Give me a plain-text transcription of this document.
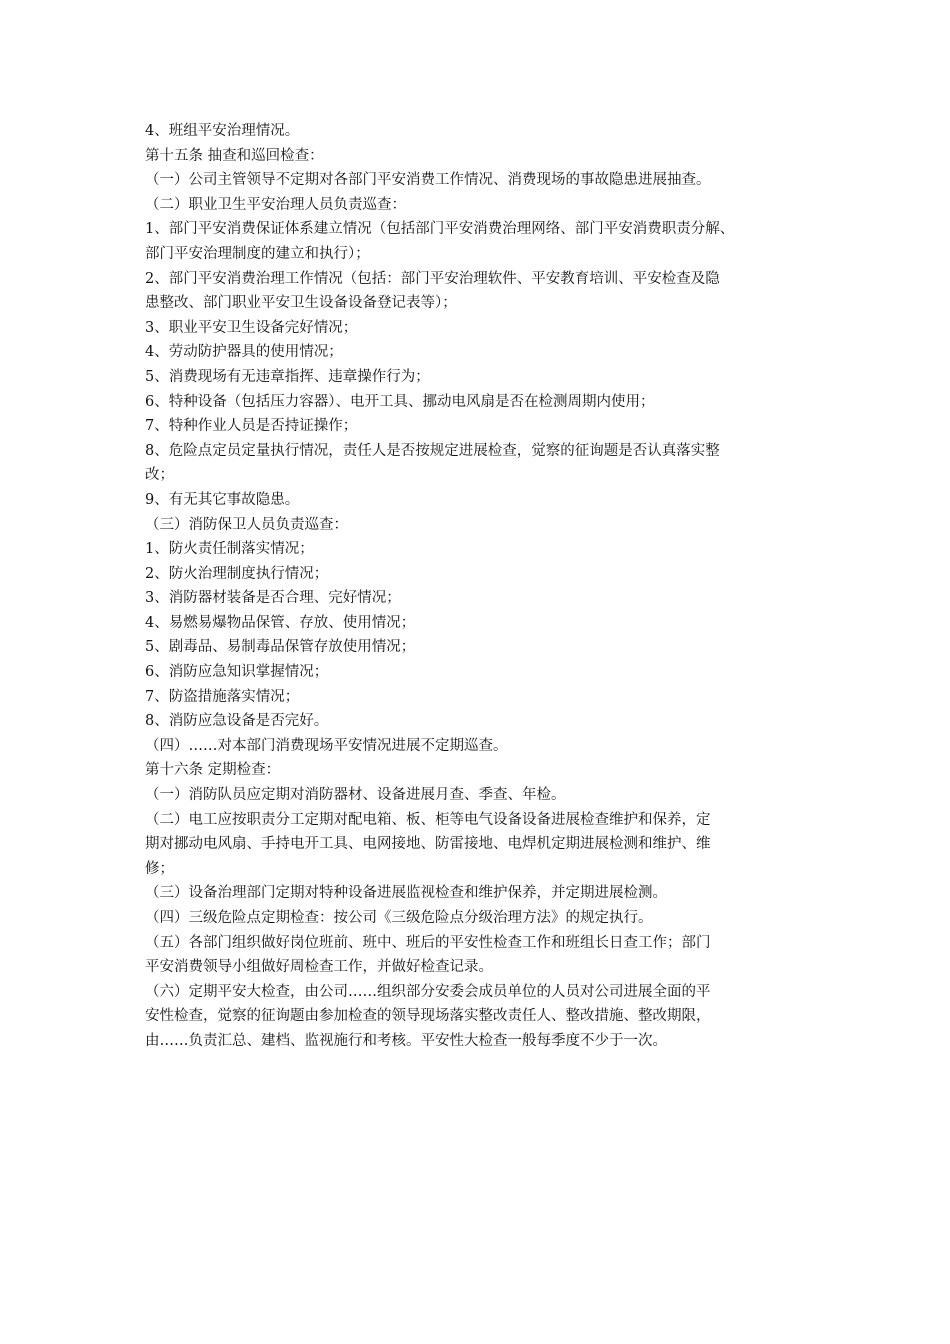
4、班组平安治理情况。
第十五条 抽查和巡回检查：
（一）公司主管领导不定期对各部门平安消费工作情况、消费现场的事故隐患进展抽查。
（二）职业卫生平安治理人员负责巡查：
1、部门平安消费保证体系建立情况（包括部门平安消费治理网络、部门平安消费职责分解、
部门平安治理制度的建立和执行）；
2、部门平安消费治理工作情况（包括：部门平安治理软件、平安教育培训、平安检查及隐
患整改、部门职业平安卫生设备设备登记表等）；
3、职业平安卫生设备完好情况；
4、劳动防护器具的使用情况；
5、消费现场有无违章指挥、违章操作行为；
6、特种设备（包括压力容器）、电开工具、挪动电风扇是否在检测周期内使用；
7、特种作业人员是否持证操作；
8、危险点定员定量执行情况，责任人是否按规定进展检查，觉察的征询题是否认真落实整
改；
9、有无其它事故隐患。
（三）消防保卫人员负责巡查：
1、防火责任制落实情况；
2、防火治理制度执行情况；
3、消防器材装备是否合理、完好情况；
4、易燃易爆物品保管、存放、使用情况；
5、剧毒品、易制毒品保管存放使用情况；
6、消防应急知识掌握情况；
7、防盗措施落实情况；
8、消防应急设备是否完好。
（四）……对本部门消费现场平安情况进展不定期巡查。
第十六条 定期检查：
（一）消防队员应定期对消防器材、设备进展月查、季查、年检。
（二）电工应按职责分工定期对配电箱、板、柜等电气设备设备进展检查维护和保养，定
期对挪动电风扇、手持电开工具、电网接地、防雷接地、电焊机定期进展检测和维护、维
修；
（三）设备治理部门定期对特种设备进展监视检查和维护保养，并定期进展检测。
（四）三级危险点定期检查：按公司《三级危险点分级治理方法》的规定执行。
（五）各部门组织做好岗位班前、班中、班后的平安性检查工作和班组长日查工作；部门
平安消费领导小组做好周检查工作，并做好检查记录。
（六）定期平安大检查，由公司……组织部分安委会成员单位的人员对公司进展全面的平
安性检查，觉察的征询题由参加检查的领导现场落实整改责任人、整改措施、整改期限，
由……负责汇总、建档、监视施行和考核。平安性大检查一般每季度不少于一次。
